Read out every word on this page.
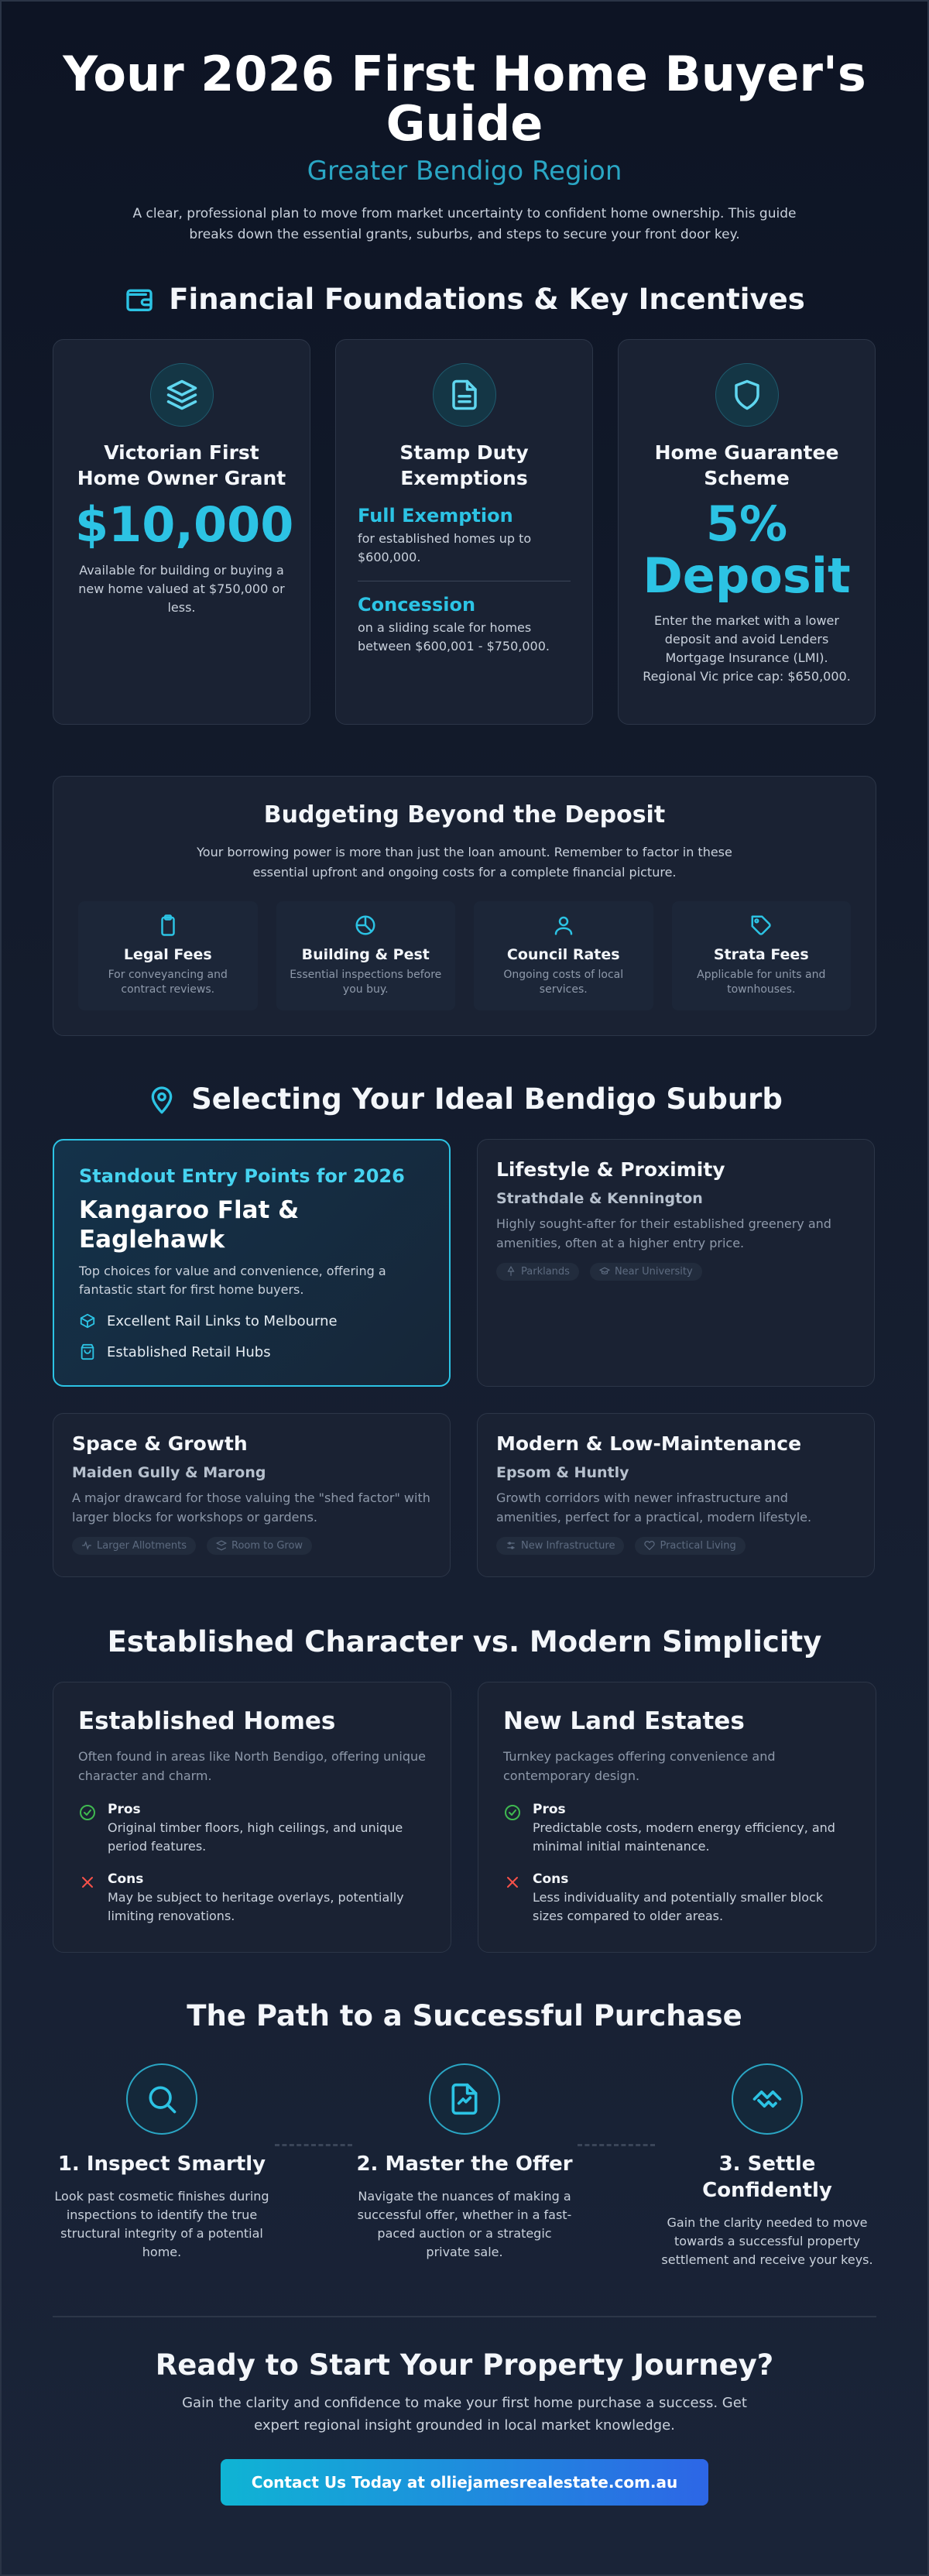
Your 2026 First Home Buyer's Guide
Greater Bendigo Region

A clear, professional plan to move from market uncertainty to confident home ownership. This guide breaks down the essential grants, suburbs, and steps to secure your front door key.

Financial Foundations & Key Incentives
Victorian First Home Owner Grant
$10,000

Available for building or buying a new home valued at $750,000 or less.

Stamp Duty Exemptions
Full Exemption

for established homes up to $600,000.

Concession

on a sliding scale for homes between $600,001 - $750,000.

Home Guarantee Scheme
5% Deposit

Enter the market with a lower deposit and avoid Lenders Mortgage Insurance (LMI). Regional Vic price cap: $650,000.

Budgeting Beyond the Deposit

Your borrowing power is more than just the loan amount. Remember to factor in these essential upfront and ongoing costs for a complete financial picture.

Legal Fees

For conveyancing and contract reviews.

Building & Pest

Essential inspections before you buy.

Council Rates

Ongoing costs of local services.

Strata Fees

Applicable for units and townhouses.

Selecting Your Ideal Bendigo Suburb
Standout Entry Points for 2026
Kangaroo Flat & Eaglehawk

Top choices for value and convenience, offering a fantastic start for first home buyers.

Excellent Rail Links to Melbourne
Established Retail Hubs
Lifestyle & Proximity
Strathdale & Kennington

Highly sought-after for their established greenery and amenities, often at a higher entry price.

Parklands	Near University
Space & Growth
Maiden Gully & Marong

A major drawcard for those valuing the "shed factor" with larger blocks for workshops or gardens.

Larger Allotments	Room to Grow
Modern & Low-Maintenance
Epsom & Huntly

Growth corridors with newer infrastructure and amenities, perfect for a practical, modern lifestyle.

New Infrastructure	Practical Living
Established Character vs. Modern Simplicity
Established Homes

Often found in areas like North Bendigo, offering unique character and charm.

Pros

Original timber floors, high ceilings, and unique period features.

Cons

May be subject to heritage overlays, potentially limiting renovations.

New Land Estates

Turnkey packages offering convenience and contemporary design.

Pros

Predictable costs, modern energy efficiency, and minimal initial maintenance.

Cons

Less individuality and potentially smaller block sizes compared to older areas.

The Path to a Successful Purchase
1. Inspect Smartly

Look past cosmetic finishes during inspections to identify the true structural integrity of a potential home.

2. Master the Offer

Navigate the nuances of making a successful offer, whether in a fast-paced auction or a strategic private sale.

3. Settle Confidently

Gain the clarity needed to move towards a successful property settlement and receive your keys.

Ready to Start Your Property Journey?

Gain the clarity and confidence to make your first home purchase a success. Get expert regional insight grounded in local market knowledge.

Contact Us Today at olliejamesrealestate.com.au
